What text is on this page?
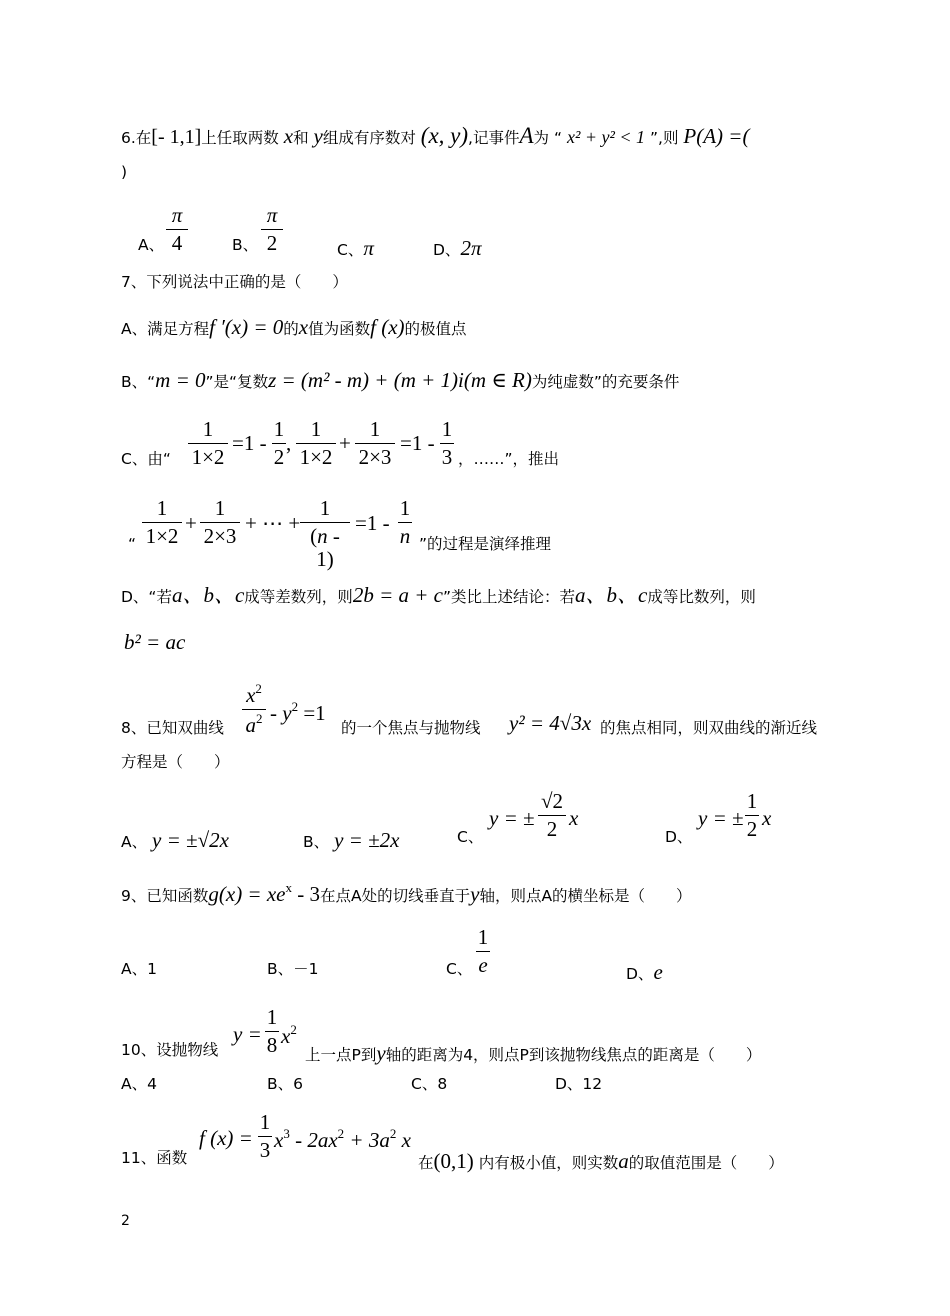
6.在[- 1,1]上任取两数 x和 y组成有序数对 (x, y),记事件A为 “ x² + y² < 1 ”,则 P(A) =(
)
A、
π
4	B、
π
2	C、π	D、2π
7、下列说法中正确的是（　　）
A、满足方程f ′(x) = 0的x值为函数f (x)的极值点
B、“m = 0”是“复数z = (m² - m) + (m + 1)i(m ∈ R)为纯虚数”的充要条件
C、由“
1
1×2
=1 -
1
2
,
1
1×2
+
1
2×3
=1 -
1
3 ，……”，推出
“
1
1×2
+
1
2×3
+ ⋯ +
1
(n - 1)
=1 -
1
n ”的过程是演绎推理
D、“若a、b、c成等差数列，则2b = a + c”类比上述结论：若a、b、c成等比数列，则
b² = ac
8、已知双曲线
$x^2$
$a^2 - y^2 =1$
的一个焦点与抛物线 y² = 4√3x 的焦点相同，则双曲线的渐近线
方程是（　　）
A、 y = ±√2x	B、 y = ±2x	C、
y = ±
√2
2 x
D、
y = ±
1
2 x
9、已知函数$g(x) = xe^x - 3$在点A处的切线垂直于y轴，则点A的横坐标是（　　）
A、1	B、－1	C、
1
e	D、e
10、设抛物线
y =
1
8 $x^2$
上一点P到y轴的距离为4，则点P到该抛物线焦点的距离是（　　）
A、4	B、6	C、8	D、12
11、函数
f (x) =
1
3 $x^3 - 2ax^2 + 3a^2$ x
在(0,1) 内有极小值，则实数a的取值范围是（　　）
2
